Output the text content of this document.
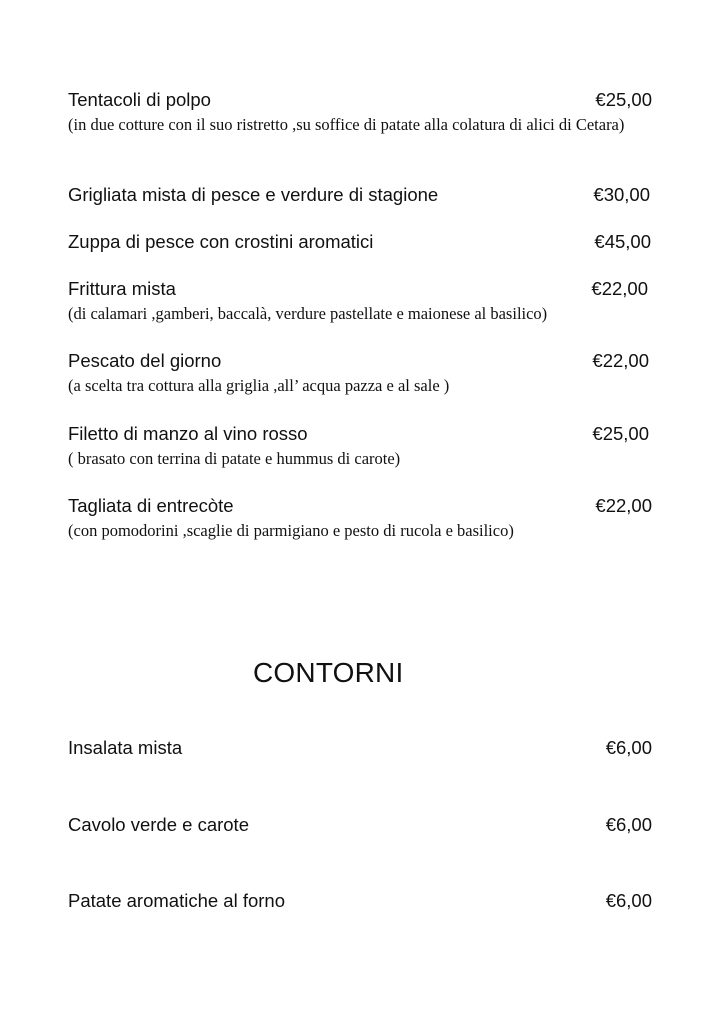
Tentacoli di polpo	€25,00
(in due cotture con il suo ristretto ,su soffice di patate alla colatura di alici di Cetara)
Grigliata mista di pesce e verdure di stagione	€30,00
Zuppa di pesce con crostini aromatici	€45,00
Frittura mista	€22,00
(di calamari ,gamberi, baccalà, verdure pastellate e maionese al basilico)
Pescato del giorno	€22,00
(a scelta tra cottura alla griglia ,all’ acqua pazza e al sale )
Filetto di manzo al vino rosso	€25,00
( brasato con terrina di patate e hummus di carote)
Tagliata di entrecòte	€22,00
(con pomodorini ,scaglie di parmigiano e pesto di rucola e basilico)
CONTORNI
Insalata mista	€6,00
Cavolo verde e carote	€6,00
Patate aromatiche al forno	€6,00
